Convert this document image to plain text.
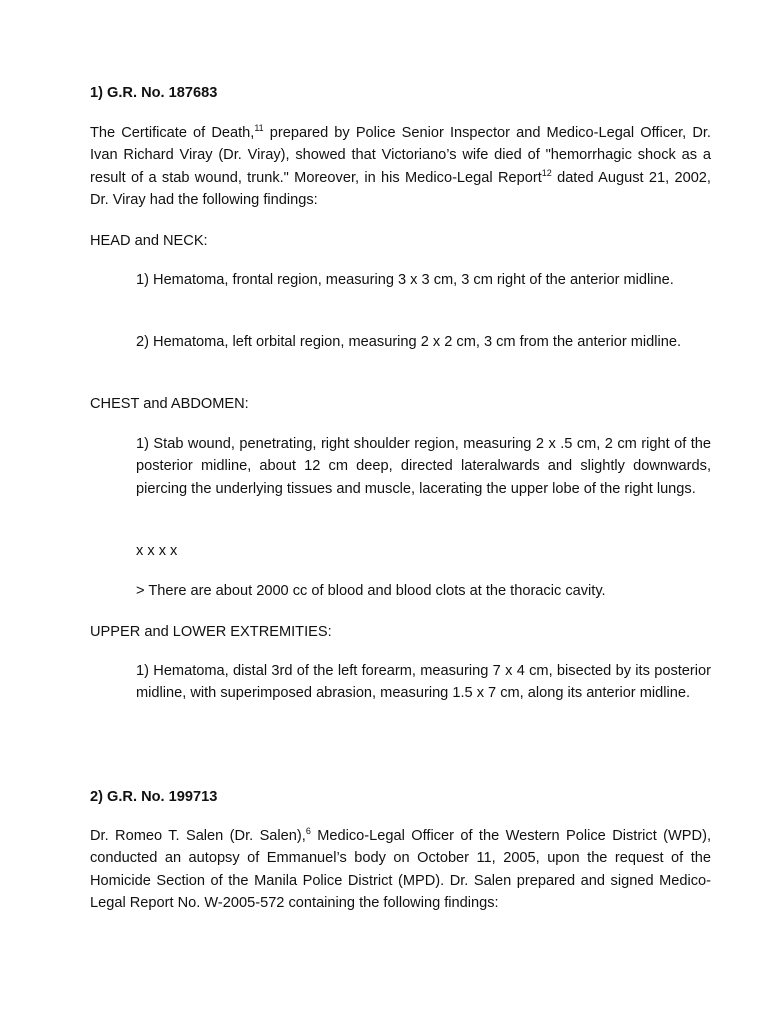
1) G.R. No. 187683

The Certificate of Death,$^{11}$ prepared by Police Senior Inspector and Medico-Legal Officer, Dr. Ivan Richard Viray (Dr. Viray), showed that Victoriano’s wife died of "hemorrhagic shock as a result of a stab wound, trunk." Moreover, in his Medico-Legal Report$^{12}$ dated August 21, 2002, Dr. Viray had the following findings:

HEAD and NECK:

1) Hematoma, frontal region, measuring 3 x 3 cm, 3 cm right of the anterior midline.

2) Hematoma, left orbital region, measuring 2 x 2 cm, 3 cm from the anterior midline.

CHEST and ABDOMEN:

1) Stab wound, penetrating, right shoulder region, measuring 2 x .5 cm, 2 cm right of the posterior midline, about 12 cm deep, directed lateralwards and slightly downwards, piercing the underlying tissues and muscle, lacerating the upper lobe of the right lungs.

x x x x

> There are about 2000 cc of blood and blood clots at the thoracic cavity.

UPPER and LOWER EXTREMITIES:

1) Hematoma, distal 3rd of the left forearm, measuring 7 x 4 cm, bisected by its posterior midline, with superimposed abrasion, measuring 1.5 x 7 cm, along its anterior midline.

2) G.R. No. 199713

Dr. Romeo T. Salen (Dr. Salen),$^6$ Medico-Legal Officer of the Western Police District (WPD), conducted an autopsy of Emmanuel’s body on October 11, 2005, upon the request of the Homicide Section of the Manila Police District (MPD). Dr. Salen prepared and signed Medico-Legal Report No. W-2005-572 containing the following findings:
